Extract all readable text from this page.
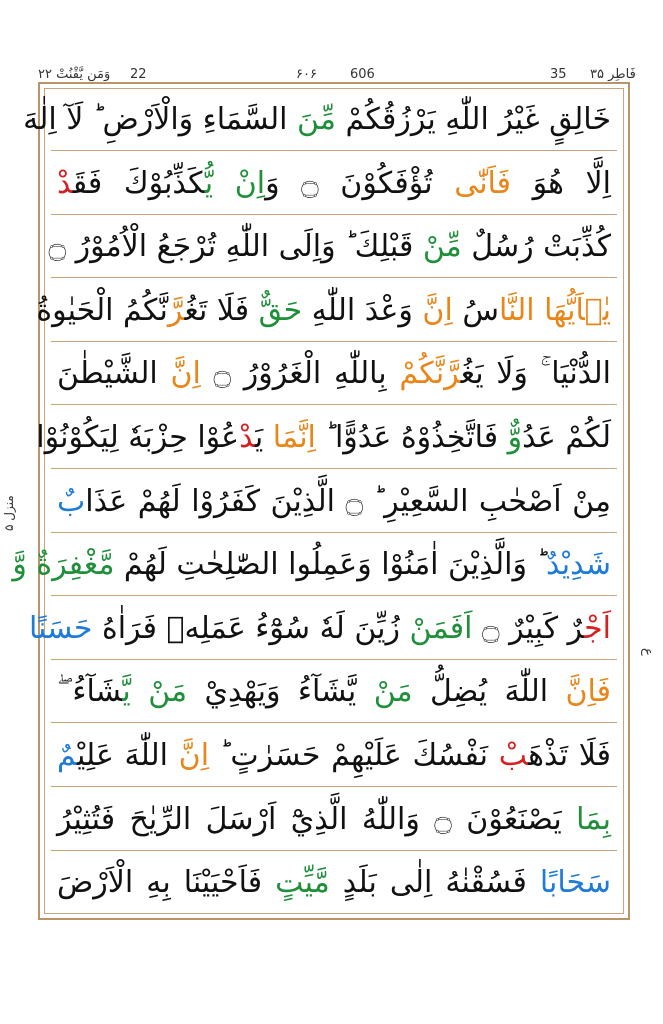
۲۲ وَمَن يَّقْنُتْ 22	۶۰۶	606	35 فَاطِر ۳۵
منزل ۵
ع
خَالِقٍ غَيْرُ اللّٰهِ يَرْزُقُكُمْ مِّنَ السَّمَاءِ وَالْاَرْضِ ؕ لَآ اِلٰهَ
اِلَّا هُوَ فَاَنّٰى تُؤْفَكُوْنَ ۝ وَاِنْ يُّكَذِّبُوْكَ فَقَدْ
كُذِّبَتْ رُسُلٌ مِّنْ قَبْلِكَ ؕ وَاِلَى اللّٰهِ تُرْجَعُ الْاُمُوْرُ ۝
يٰۤاَيُّهَا النَّاسُ اِنَّ وَعْدَ اللّٰهِ حَقٌّ فَلَا تَغُرَّنَّكُمُ الْحَيٰوةُ
الدُّنْيَا ۚ وَلَا يَغُرَّنَّكُمْ بِاللّٰهِ الْغَرُوْرُ ۝ اِنَّ الشَّيْطٰنَ
لَكُمْ عَدُوٌّ فَاتَّخِذُوْهُ عَدُوًّا ؕ اِنَّمَا يَدْعُوْا حِزْبَهٗ لِيَكُوْنُوْا
مِنْ اَصْحٰبِ السَّعِيْرِ ؕ ۝ الَّذِيْنَ كَفَرُوْا لَهُمْ عَذَابٌ
شَدِيْدٌ ؕ وَالَّذِيْنَ اٰمَنُوْا وَعَمِلُوا الصّٰلِحٰتِ لَهُمْ مَّغْفِرَةٌ وَّ
اَجْرٌ كَبِيْرٌ ۝ اَفَمَنْ زُيِّنَ لَهٗ سُوْٓءُ عَمَلِهٖ فَرَاٰهُ حَسَنًا
فَاِنَّ اللّٰهَ يُضِلُّ مَنْ يَّشَآءُ وَيَهْدِيْ مَنْ يَّشَآءُ ۖ
فَلَا تَذْهَبْ نَفْسُكَ عَلَيْهِمْ حَسَرٰتٍ ؕ اِنَّ اللّٰهَ عَلِيْمٌ
بِمَا يَصْنَعُوْنَ ۝ وَاللّٰهُ الَّذِيْٓ اَرْسَلَ الرِّيٰحَ فَتُثِيْرُ
سَحَابًا فَسُقْنٰهُ اِلٰى بَلَدٍ مَّيِّتٍ فَاَحْيَيْنَا بِهِ الْاَرْضَ
